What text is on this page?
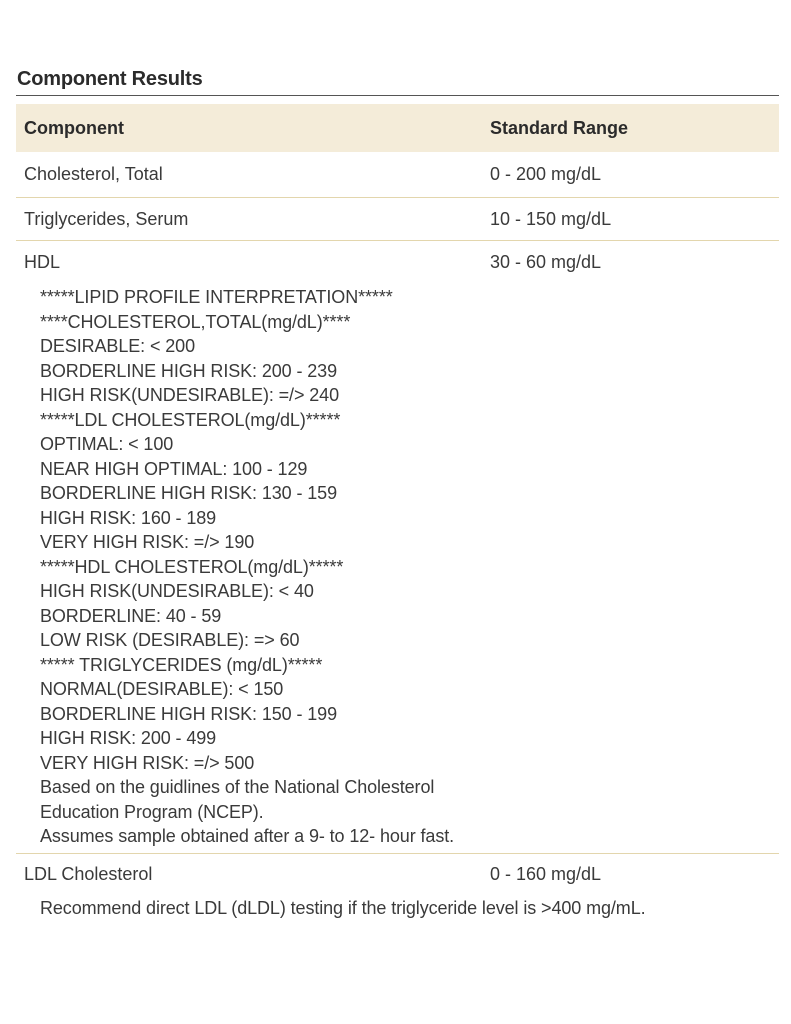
Component Results
Component	Standard Range
Cholesterol, Total	0 - 200 mg/dL
Triglycerides, Serum	10 - 150 mg/dL
HDL	30 - 60 mg/dL
*****LIPID PROFILE INTERPRETATION*****
****CHOLESTEROL,TOTAL(mg/dL)****
DESIRABLE: < 200
BORDERLINE HIGH RISK: 200 - 239
HIGH RISK(UNDESIRABLE): =/> 240
*****LDL CHOLESTEROL(mg/dL)*****
OPTIMAL: < 100
NEAR HIGH OPTIMAL: 100 - 129
BORDERLINE HIGH RISK: 130 - 159
HIGH RISK: 160 - 189
VERY HIGH RISK: =/> 190
*****HDL CHOLESTEROL(mg/dL)*****
HIGH RISK(UNDESIRABLE): < 40
BORDERLINE: 40 - 59
LOW RISK (DESIRABLE): => 60
***** TRIGLYCERIDES (mg/dL)*****
NORMAL(DESIRABLE): < 150
BORDERLINE HIGH RISK: 150 - 199
HIGH RISK: 200 - 499
VERY HIGH RISK: =/> 500
Based on the guidlines of the National Cholesterol
Education Program (NCEP).
Assumes sample obtained after a 9- to 12- hour fast.
LDL Cholesterol	0 - 160 mg/dL
Recommend direct LDL (dLDL) testing if the triglyceride level is >400 mg/mL.
